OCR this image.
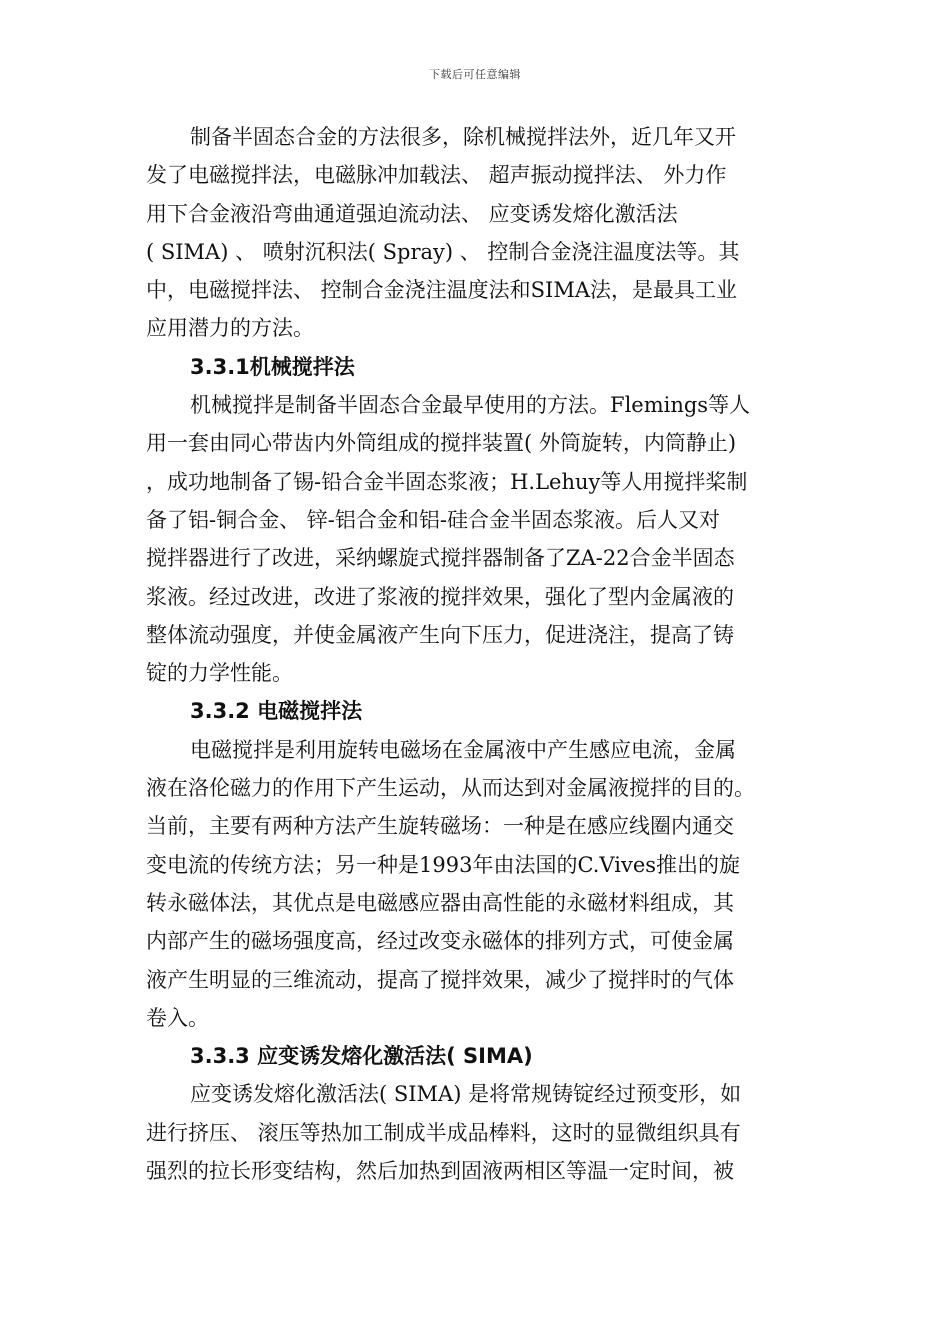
下载后可任意编辑

制备半固态合金的方法很多，除机械搅拌法外，近几年又开
发了电磁搅拌法，电磁脉冲加载法、 超声振动搅拌法、 外力作
用下合金液沿弯曲通道强迫流动法、 应变诱发熔化激活法
( SIMA) 、 喷射沉积法( Spray) 、 控制合金浇注温度法等。其
中，电磁搅拌法、 控制合金浇注温度法和SIMA法，是最具工业
应用潜力的方法。

3.3.1机械搅拌法

机械搅拌是制备半固态合金最早使用的方法。Flemings等人
用一套由同心带齿内外筒组成的搅拌装置( 外筒旋转，内筒静止)
，成功地制备了锡-铅合金半固态浆液；H.Lehuy等人用搅拌桨制
备了铝-铜合金、 锌-铝合金和铝-硅合金半固态浆液。后人又对
搅拌器进行了改进，采纳螺旋式搅拌器制备了ZA-22合金半固态
浆液。经过改进，改进了浆液的搅拌效果，强化了型内金属液的
整体流动强度，并使金属液产生向下压力，促进浇注，提高了铸
锭的力学性能。

3.3.2 电磁搅拌法

电磁搅拌是利用旋转电磁场在金属液中产生感应电流，金属
液在洛伦磁力的作用下产生运动，从而达到对金属液搅拌的目的。
当前，主要有两种方法产生旋转磁场：一种是在感应线圈内通交
变电流的传统方法；另一种是1993年由法国的C.Vives推出的旋
转永磁体法，其优点是电磁感应器由高性能的永磁材料组成，其
内部产生的磁场强度高，经过改变永磁体的排列方式，可使金属
液产生明显的三维流动，提高了搅拌效果，减少了搅拌时的气体
卷入。

3.3.3 应变诱发熔化激活法( SIMA)

应变诱发熔化激活法( SIMA) 是将常规铸锭经过预变形，如
进行挤压、 滚压等热加工制成半成品棒料，这时的显微组织具有
强烈的拉长形变结构，然后加热到固液两相区等温一定时间，被
